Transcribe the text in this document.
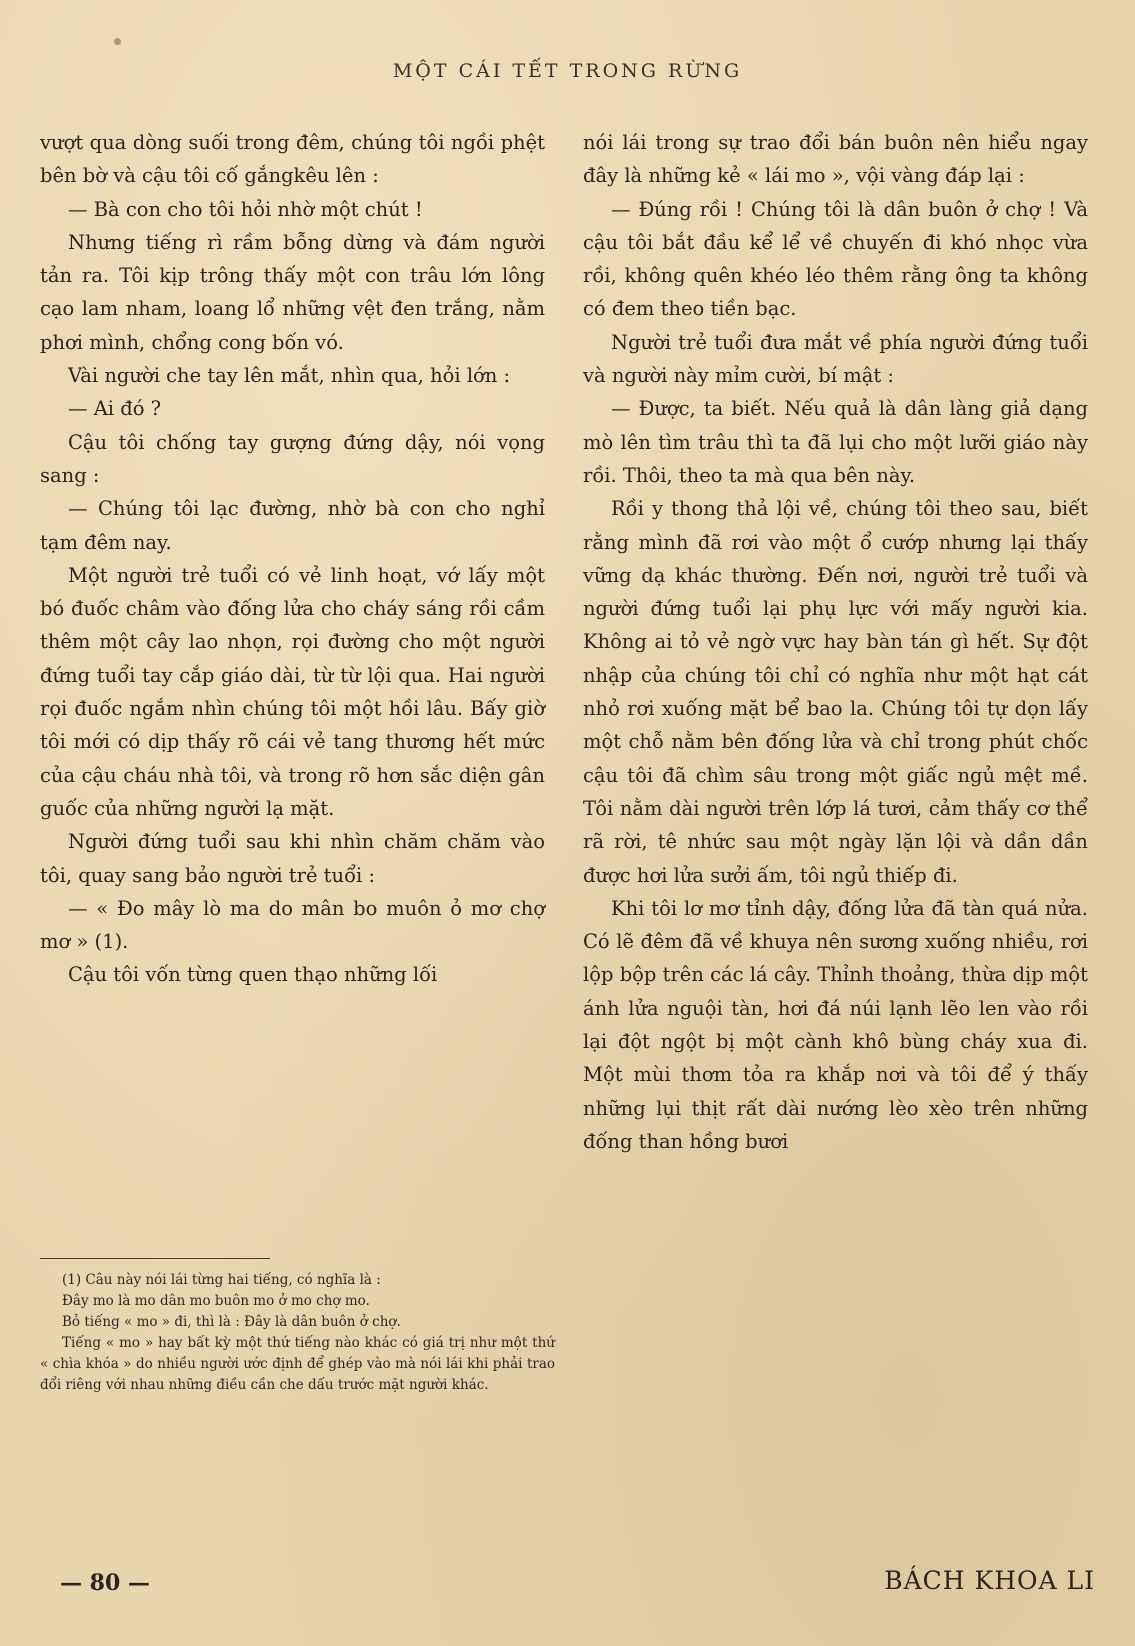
MỘT CÁI TẾT TRONG RỪNG

vượt qua dòng suối trong đêm, chúng tôi ngồi phệt bên bờ và cậu tôi cố gắngkêu lên :

— Bà con cho tôi hỏi nhờ một chút !

Nhưng tiếng rì rầm bỗng dừng và đám người tản ra. Tôi kịp trông thấy một con trâu lớn lông cạo lam nham, loang lổ những vệt đen trắng, nằm phơi mình, chổng cong bốn vó.

Vài người che tay lên mắt, nhìn qua, hỏi lớn :

— Ai đó ?

Cậu tôi chống tay gượng đứng dậy, nói vọng sang :

— Chúng tôi lạc đường, nhờ bà con cho nghỉ tạm đêm nay.

Một người trẻ tuổi có vẻ linh hoạt, vớ lấy một bó đuốc châm vào đống lửa cho cháy sáng rồi cầm thêm một cây lao nhọn, rọi đường cho một người đứng tuổi tay cắp giáo dài, từ từ lội qua. Hai người rọi đuốc ngắm nhìn chúng tôi một hồi lâu. Bấy giờ tôi mới có dịp thấy rõ cái vẻ tang thương hết mức của cậu cháu nhà tôi, và trong rõ hơn sắc diện gân guốc của những người lạ mặt.

Người đứng tuổi sau khi nhìn chăm chăm vào tôi, quay sang bảo người trẻ tuổi :

— « Đo mây lò ma do mân bo muôn ỏ mơ chợ mơ » (1).

Cậu tôi vốn từng quen thạo những lối

(1) Câu này nói lái từng hai tiếng, có nghĩa là :

Đây mo là mo dân mo buôn mo ở mo chợ mo.

Bỏ tiếng « mo » đi, thì là : Đây là dân buôn ở chợ.

Tiếng « mo » hay bất kỳ một thứ tiếng nào khác có giá trị như một thứ « chìa khóa » do nhiều người ước định để ghép vào mà nói lái khi phải trao đổi riêng với nhau những điều cần che dấu trước mặt người khác.

nói lái trong sự trao đổi bán buôn nên hiểu ngay đây là những kẻ « lái mo », vội vàng đáp lại :

— Đúng rồi ! Chúng tôi là dân buôn ở chợ ! Và cậu tôi bắt đầu kể lể về chuyến đi khó nhọc vừa rồi, không quên khéo léo thêm rằng ông ta không có đem theo tiền bạc.

Người trẻ tuổi đưa mắt về phía người đứng tuổi và người này mỉm cười, bí mật :

— Được, ta biết. Nếu quả là dân làng giả dạng mò lên tìm trâu thì ta đã lụi cho một lưỡi giáo này rồi. Thôi, theo ta mà qua bên này.

Rồi y thong thả lội về, chúng tôi theo sau, biết rằng mình đã rơi vào một ổ cướp nhưng lại thấy vững dạ khác thường. Đến nơi, người trẻ tuổi và người đứng tuổi lại phụ lực với mấy người kia. Không ai tỏ vẻ ngờ vực hay bàn tán gì hết. Sự đột nhập của chúng tôi chỉ có nghĩa như một hạt cát nhỏ rơi xuống mặt bể bao la. Chúng tôi tự dọn lấy một chỗ nằm bên đống lửa và chỉ trong phút chốc cậu tôi đã chìm sâu trong một giấc ngủ mệt mề. Tôi nằm dài người trên lớp lá tươi, cảm thấy cơ thể rã rời, tê nhức sau một ngày lặn lội và dần dần được hơi lửa sưởi ấm, tôi ngủ thiếp đi.

Khi tôi lơ mơ tỉnh dậy, đống lửa đã tàn quá nửa. Có lẽ đêm đã về khuya nên sương xuống nhiều, rơi lộp bộp trên các lá cây. Thỉnh thoảng, thừa dịp một ánh lửa nguội tàn, hơi đá núi lạnh lẽo len vào rồi lại đột ngột bị một cành khô bùng cháy xua đi. Một mùi thơm tỏa ra khắp nơi và tôi để ý thấy những lụi thịt rất dài nướng lèo xèo trên những đống than hồng bươi

— 80 —	BÁCH KHOA LI
